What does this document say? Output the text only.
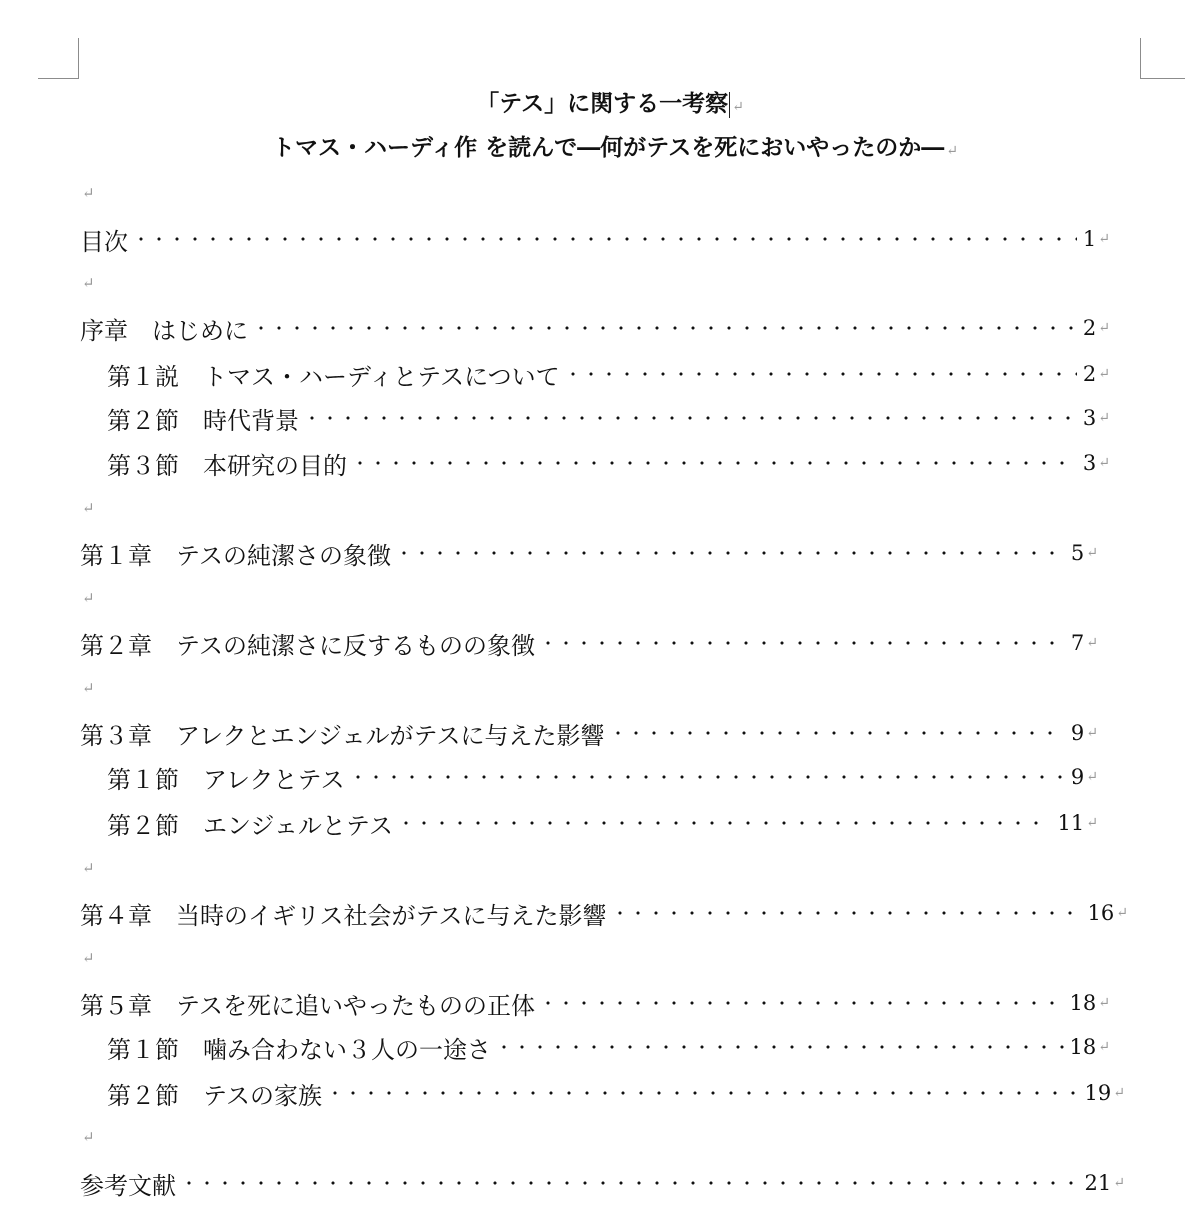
「テス」に関する一考察 ↵
トマス・ハーディ作 を読んで―何がテスを死においやったのか― ↵
↵
目次	1 ↵
↵
序章　はじめに	2 ↵
第１説　トマス・ハーディとテスについて	2 ↵
第２節　時代背景	3 ↵
第３節　本研究の目的	3 ↵
↵
第１章　テスの純潔さの象徴	5 ↵
↵
第２章　テスの純潔さに反するものの象徴	7 ↵
↵
第３章　アレクとエンジェルがテスに与えた影響	9 ↵
第１節　アレクとテス	9 ↵
第２節　エンジェルとテス	11 ↵
↵
第４章　当時のイギリス社会がテスに与えた影響	16 ↵
↵
第５章　テスを死に追いやったものの正体	18 ↵
第１節　噛み合わない３人の一途さ	18 ↵
第２節　テスの家族	19 ↵
↵
参考文献	21 ↵
